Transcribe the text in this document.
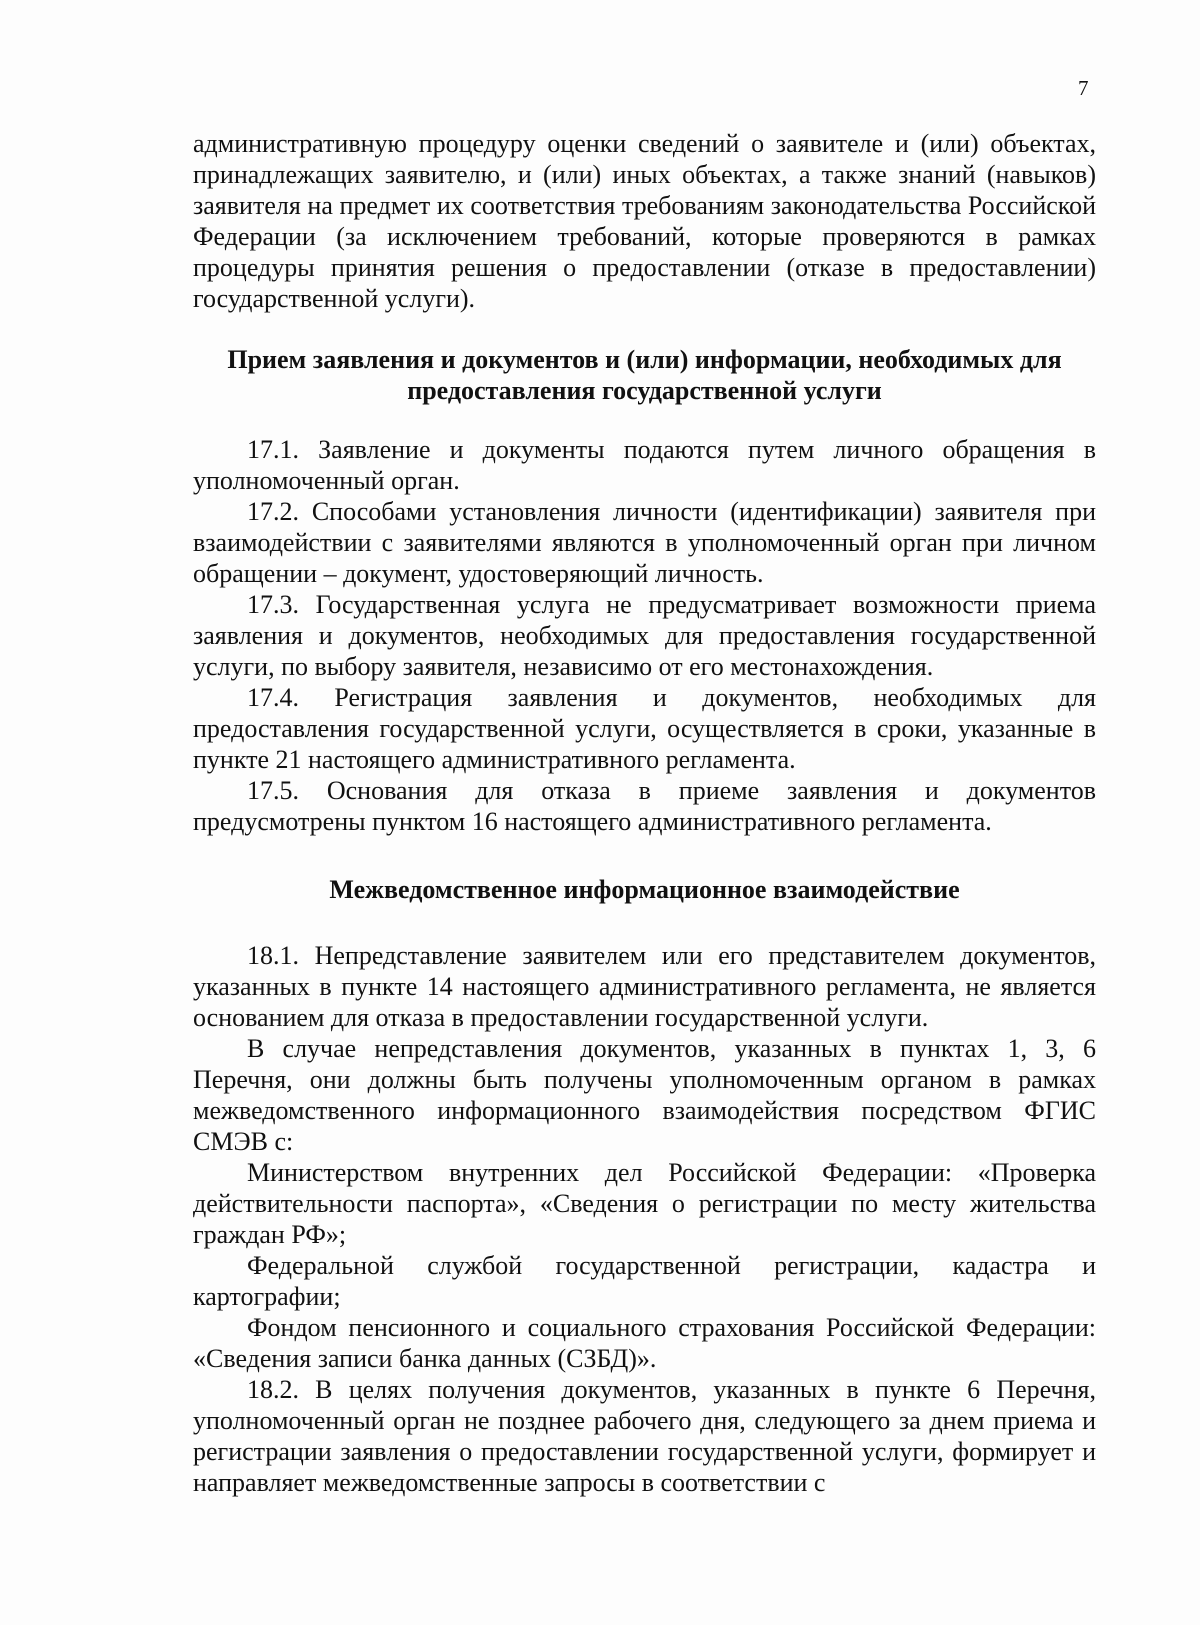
7

административную процедуру оценки сведений о заявителе и (или) объектах, принадлежащих заявителю, и (или) иных объектах, а также знаний (навыков) заявителя на предмет их соответствия требованиям законодательства Российской Федерации (за исключением требований, которые проверяются в рамках процедуры принятия решения о предоставлении (отказе в предоставлении) государственной услуги).

Прием заявления и документов и (или) информации, необходимых для
предоставления государственной услуги

17.1. Заявление и документы подаются путем личного обращения в уполномоченный орган.

17.2. Способами установления личности (идентификации) заявителя при взаимодействии с заявителями являются в уполномоченный орган при личном обращении – документ, удостоверяющий личность.

17.3. Государственная услуга не предусматривает возможности приема заявления и документов, необходимых для предоставления государственной услуги, по выбору заявителя, независимо от его местонахождения.

17.4. Регистрация заявления и документов, необходимых для предоставления государственной услуги, осуществляется в сроки, указанные в пункте 21 настоящего административного регламента.

17.5. Основания для отказа в приеме заявления и документов предусмотрены пунктом 16 настоящего административного регламента.

Межведомственное информационное взаимодействие

18.1. Непредставление заявителем или его представителем документов, указанных в пункте 14 настоящего административного регламента, не является основанием для отказа в предоставлении государственной услуги.

В случае непредставления документов, указанных в пунктах 1, 3, 6 Перечня, они должны быть получены уполномоченным органом в рамках межведомственного информационного взаимодействия посредством ФГИС СМЭВ с:

Министерством внутренних дел Российской Федерации: «Проверка действительности паспорта», «Сведения о регистрации по месту жительства граждан РФ»;

Федеральной службой государственной регистрации, кадастра и картографии;

Фондом пенсионного и социального страхования Российской Федерации: «Сведения записи банка данных (СЗБД)».

18.2. В целях получения документов, указанных в пункте 6 Перечня, уполномоченный орган не позднее рабочего дня, следующего за днем приема и регистрации заявления о предоставлении государственной услуги, формирует и направляет межведомственные запросы в соответствии с
